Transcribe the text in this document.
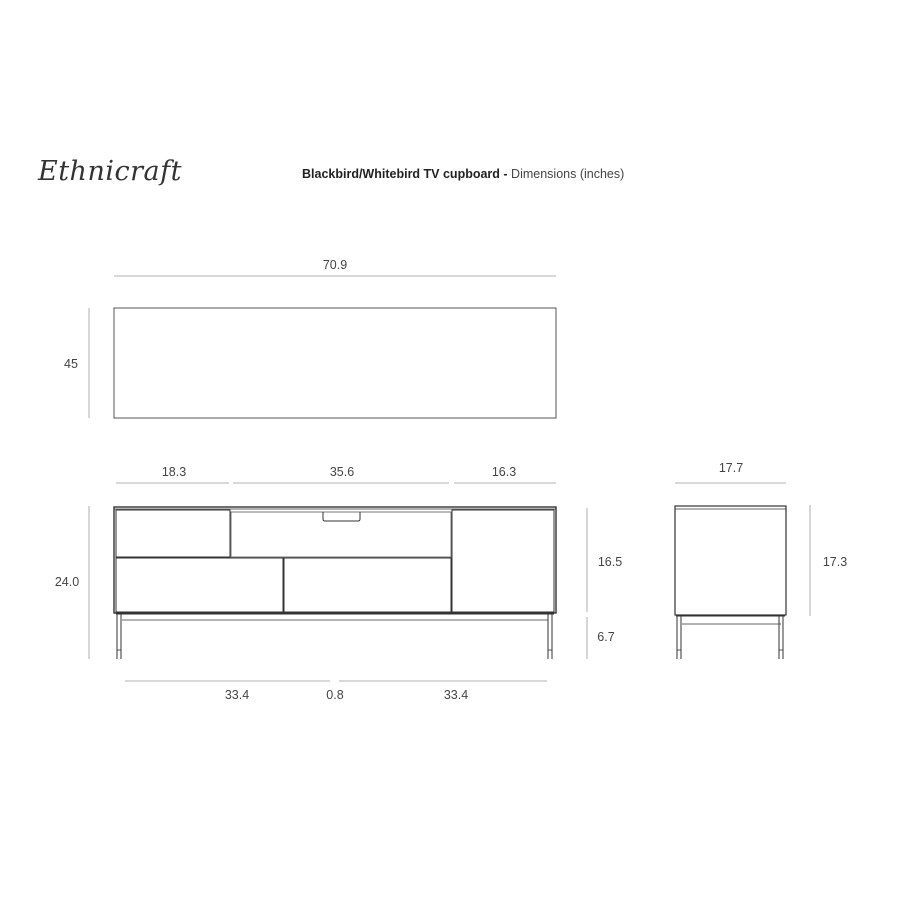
Ethnicraft	Blackbird/Whitebird TV cupboard - Dimensions (inches)
70.9
45
18.3	35.6	16.3
24.0
16.5
6.7
33.4	0.8	33.4
17.7
17.3
